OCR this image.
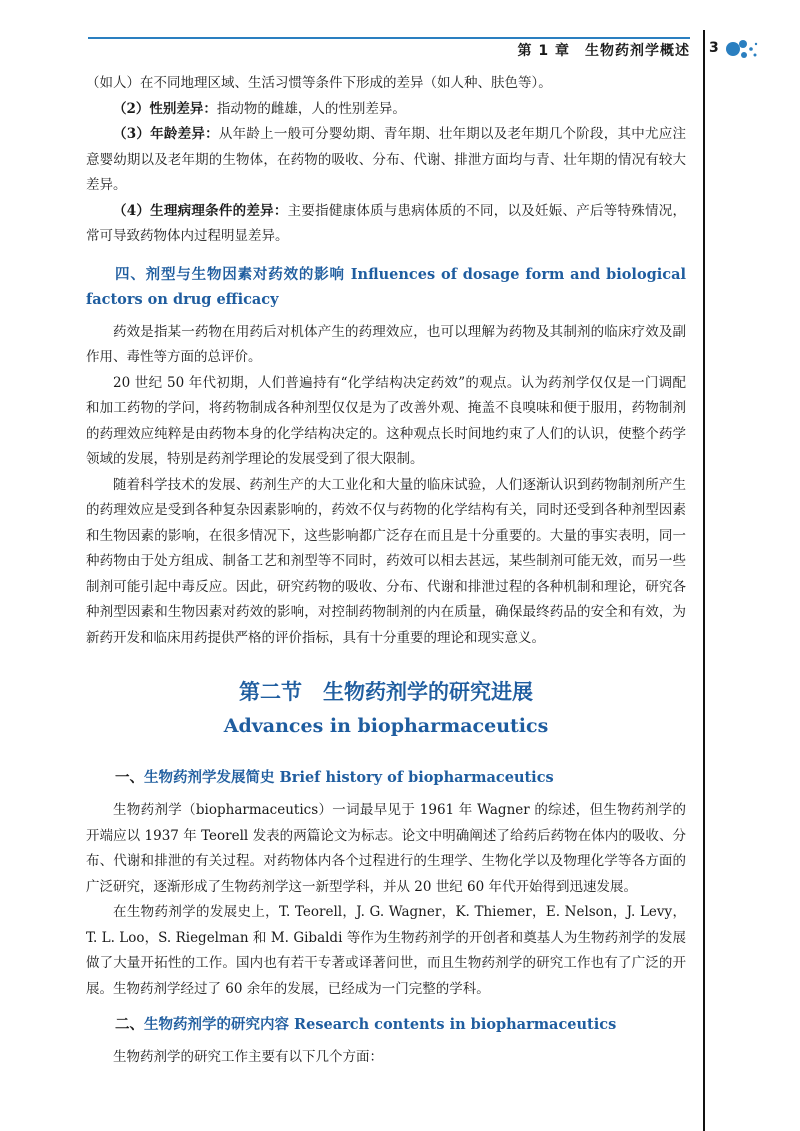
第 1 章　生物药剂学概述 3

（如人）在不同地理区域、生活习惯等条件下形成的差异（如人种、肤色等）。

（2）性别差异：指动物的雌雄，人的性别差异。

（3）年龄差异：从年龄上一般可分婴幼期、青年期、壮年期以及老年期几个阶段，其中尤应注意婴幼期以及老年期的生物体，在药物的吸收、分布、代谢、排泄方面均与青、壮年期的情况有较大差异。

（4）生理病理条件的差异：主要指健康体质与患病体质的不同，以及妊娠、产后等特殊情况，常可导致药物体内过程明显差异。

四、剂型与生物因素对药效的影响 Influences of dosage form and biological factors on drug efficacy

药效是指某一药物在用药后对机体产生的药理效应，也可以理解为药物及其制剂的临床疗效及副作用、毒性等方面的总评价。

20 世纪 50 年代初期，人们普遍持有“化学结构决定药效”的观点。认为药剂学仅仅是一门调配和加工药物的学问，将药物制成各种剂型仅仅是为了改善外观、掩盖不良嗅味和便于服用，药物制剂的药理效应纯粹是由药物本身的化学结构决定的。这种观点长时间地约束了人们的认识，使整个药学领域的发展，特别是药剂学理论的发展受到了很大限制。

随着科学技术的发展、药剂生产的大工业化和大量的临床试验，人们逐渐认识到药物制剂所产生的药理效应是受到各种复杂因素影响的，药效不仅与药物的化学结构有关，同时还受到各种剂型因素和生物因素的影响，在很多情况下，这些影响都广泛存在而且是十分重要的。大量的事实表明，同一种药物由于处方组成、制备工艺和剂型等不同时，药效可以相去甚远，某些制剂可能无效，而另一些制剂可能引起中毒反应。因此，研究药物的吸收、分布、代谢和排泄过程的各种机制和理论，研究各种剂型因素和生物因素对药效的影响，对控制药物制剂的内在质量，确保最终药品的安全和有效，为新药开发和临床用药提供严格的评价指标，具有十分重要的理论和现实意义。

第二节　生物药剂学的研究进展
Advances in biopharmaceutics

一、生物药剂学发展简史 Brief history of biopharmaceutics

生物药剂学（biopharmaceutics）一词最早见于 1961 年 Wagner 的综述，但生物药剂学的开端应以 1937 年 Teorell 发表的两篇论文为标志。论文中明确阐述了给药后药物在体内的吸收、分布、代谢和排泄的有关过程。对药物体内各个过程进行的生理学、生物化学以及物理化学等各方面的广泛研究，逐渐形成了生物药剂学这一新型学科，并从 20 世纪 60 年代开始得到迅速发展。

在生物药剂学的发展史上，T. Teorell，J. G. Wagner，K. Thiemer，E. Nelson，J. Levy，T. L. Loo，S. Riegelman 和 M. Gibaldi 等作为生物药剂学的开创者和奠基人为生物药剂学的发展做了大量开拓性的工作。国内也有若干专著或译著问世，而且生物药剂学的研究工作也有了广泛的开展。生物药剂学经过了 60 余年的发展，已经成为一门完整的学科。

二、生物药剂学的研究内容 Research contents in biopharmaceutics

生物药剂学的研究工作主要有以下几个方面：
